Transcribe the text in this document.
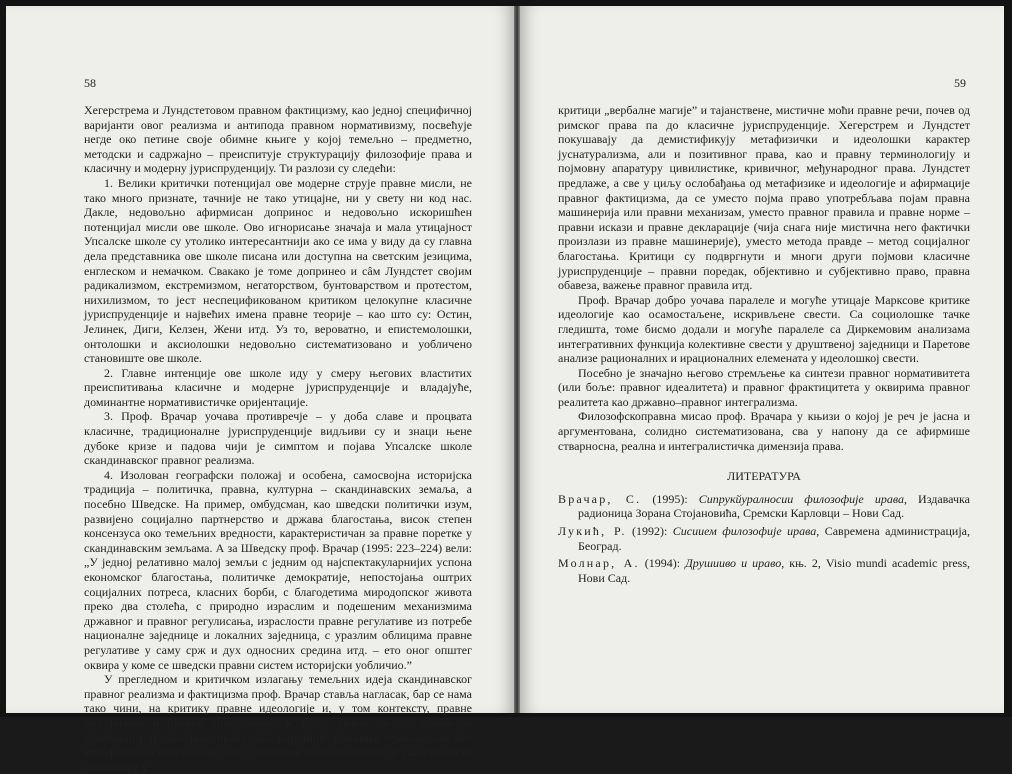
58

Хегерстрема и Лундстетовом правном фактицизму, као једној специфичној варијанти овог реализма и антипода правном нормативизму, посвећује негде око петине своје обимне књиге у којој темељно – предметно, методски и садржајно – преиспитује структурацију филозофије права и класичну и модерну јуриспруденцију. Ти разлози су следећи:

1. Велики критички потенцијал ове модерне струје правне мисли, не тако много признате, тачније не тако утицајне, ни у свету ни код нас. Дакле, недовољно афирмисан допринос и недовољно искоришћен потенцијал мисли ове школе. Ово игнорисање значаја и мала утицајност Упсалске школе су утолико интересантнији ако се има у виду да су главна дела представника ове школе писана или доступна на светским језицима, енглеском и немачком. Свакако је томе допринео и сâм Лундстет својим радикализмом, екстремизмом, негаторством, бунтоварством и протестом, нихилизмом, то јест неспецификованом критиком целокупне класичне јуриспруденције и највећих имена правне теорије – као што су: Остин, Јелинек, Диги, Келзен, Жени итд. Уз то, вероватно, и епистемолошки, онтолошки и аксиолошки недовољно систематизовано и уобличено становиште ове школе.

2. Главне интенције ове школе иду у смеру његових властитих преиспитивања класичне и модерне јуриспруденције и владајуће, доминантне нормативистичке оријентације.

3. Проф. Врачар уочава противречје – у доба славе и процвата класичне, традиционалне јуриспруденције видљиви су и знаци њене дубоке кризе и падова чији је симптом и појава Упсалске школе скандинавског правног реализма.

4. Изолован географски положај и особена, самосвојна историјска традиција – политичка, правна, културна – скандинавских земаља, а посебно Шведске. На пример, омбудсман, као шведски политички изум, развијено социјално партнерство и држава благостања, висок степен консензуса око темељних вредности, карактеристичан за правне поретке у скандинавским земљама. А за Шведску проф. Врачар (1995: 223–224) вели: „У једној релативно малој земљи с једним од најспектакуларнијих успона економског благостања, политичке демократије, непостојања оштрих социјалних потреса, класних борби, с благодетима миродопског живота преко два столећа, с природно израслим и подешеним механизмима државног и правног регулисања, израслости правне регулативе из потребе националне заједнице и локалних заједница, с уразлим облицима правне регулативе у саму срж и дух односних средина итд. – ето оног општег оквира у коме се шведски правни систем историјски уобличио.”

У прегледном и критичком излагању темељних идеја скандинавског правног реализма и фактицизма проф. Врачар ставља нагласак, бар се нама тако чини, на критику правне идеологије и, у том контексту, правне метафизике и правне спекулације. У целој књизи он се залаже за афирмацију филозофије права, као најумније бављења правом, али без метафизике и спекулације. Он с особитом пажњом анализује скандинавске доприносе у

59

критици „вербалне магије” и тајанствене, мистичне моћи правне речи, почев од римског права па до класичне јуриспруденције. Хегерстрем и Лундстет покушавају да демистификују метафизички и идеолошки карактер јуснатурализма, али и позитивног права, као и правну терминологију и појмовну апаратуру цивилистике, кривичног, међународног права. Лундстет предлаже, а све у циљу ослобађања од метафизике и идеологије и афирмације правног фактицизма, да се уместо појма право употребљава појам правна машинерија или правни механизам, уместо правног правила и правне норме – правни искази и правне декларације (чија снага није мистична него фактички произлази из правне машинерије), уместо метода правде – метод социјалног благостања. Критици су подвргнути и многи други појмови класичне јуриспруденције – правни поредак, објективно и субјективно право, правна обавеза, важење правног правила итд.

Проф. Врачар добро уочава паралеле и могуће утицаје Марксове критике идеологије као осамостаљене, искривљене свести. Са социолошке тачке гледишта, томе бисмо додали и могуће паралеле са Диркемовим анализама интегративних функција колективне свести у друштвеној заједници и Паретове анализе рационалних и ирационалних елемената у идеолошкој свести.

Посебно је значајно његово стремљење ка синтези правног нормативитета (или боље: правног идеалитета) и правног фрактицитета у оквирима правног реалитета као државно–правног интегрализма.

Филозофскоправна мисао проф. Врачара у књизи о којој је реч је јасна и аргументована, солидно систематизована, сва у напону да се афирмише стварносна, реална и интегралистичка димензија права.

ЛИТЕРАТУРА
Врачар, С. (1995): Сипрукйуралносии филозофије ирава, Издавачка радионица Зорана Стојановића, Сремски Карловци – Нови Сад.
Лукић, Р. (1992): Сисиием филозофије ирава, Савремена администрација, Београд.
Молнар, А. (1994): Друшииво и ираво, књ. 2, Visio mundi academic press, Нови Сад.
